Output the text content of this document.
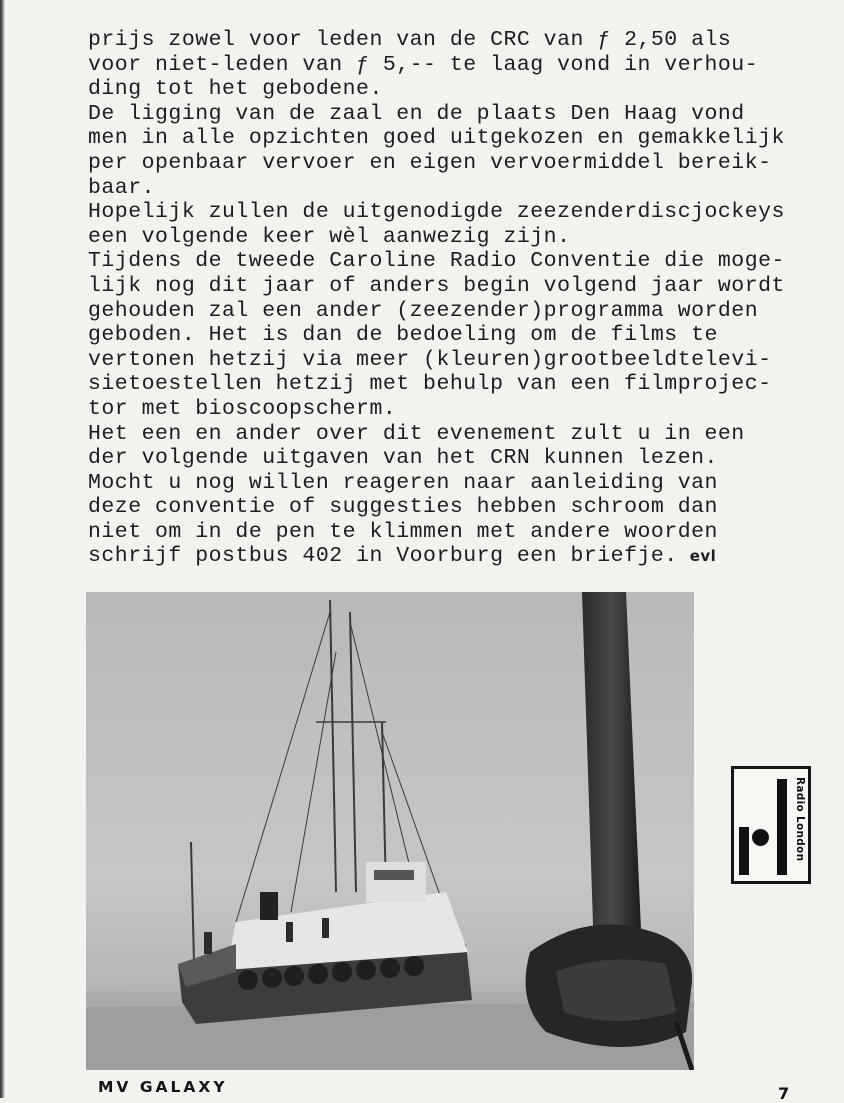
prijs zowel voor leden van de CRC van ƒ 2,50 als
voor niet-leden van ƒ 5,-- te laag vond in verhou-
ding tot het gebodene.
De ligging van de zaal en de plaats Den Haag vond
men in alle opzichten goed uitgekozen en gemakkelijk
per openbaar vervoer en eigen vervoermiddel bereik-
baar.
Hopelijk zullen de uitgenodigde zeezenderdiscjockeys
een volgende keer wèl aanwezig zijn.
Tijdens de tweede Caroline Radio Conventie die moge-
lijk nog dit jaar of anders begin volgend jaar wordt
gehouden zal een ander (zeezender)programma worden
geboden. Het is dan de bedoeling om de films te
vertonen hetzij via meer (kleuren)grootbeeldtelevi-
sietoestellen hetzij met behulp van een filmprojec-
tor met bioscoopscherm.
Het een en ander over dit evenement zult u in een
der volgende uitgaven van het CRN kunnen lezen.
Mocht u nog willen reageren naar aanleiding van
deze conventie of suggesties hebben schroom dan
niet om in de pen te klimmen met andere woorden
schrijf postbus 402 in Voorburg een briefje. evl
Radio London
MV GALAXY	7
